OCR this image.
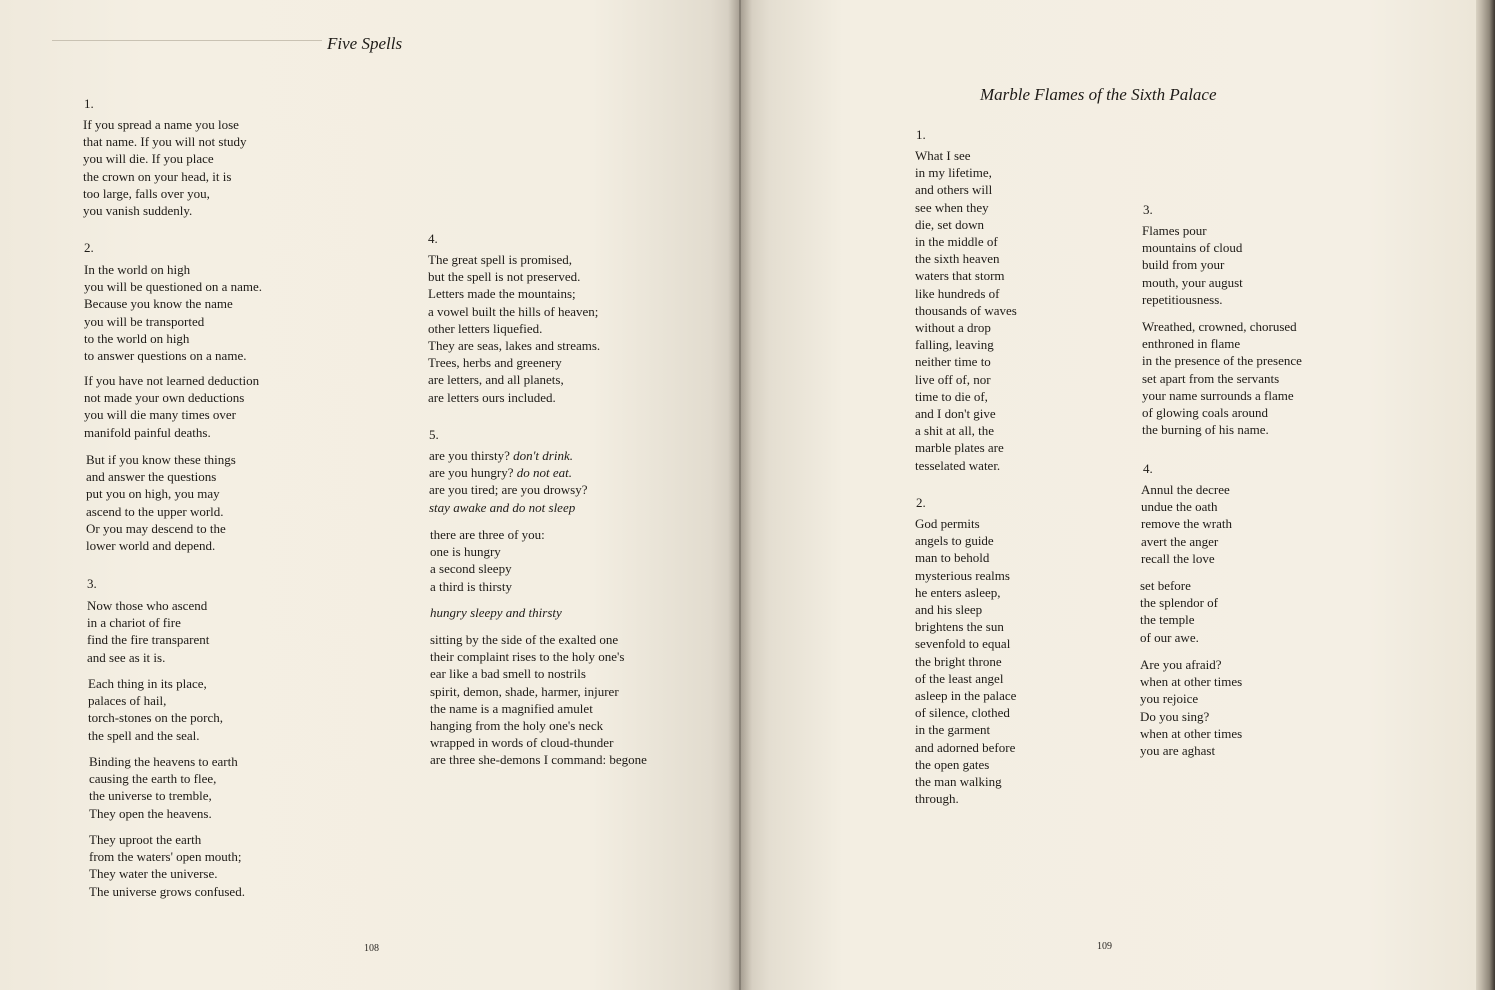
Five Spells

1.

If you spread a name you lose
that name. If you will not study
you will die. If you place
the crown on your head, it is
too large, falls over you,
you vanish suddenly.

2.

In the world on high
you will be questioned on a name.
Because you know the name
you will be transported
to the world on high
to answer questions on a name.

If you have not learned deduction
not made your own deductions
you will die many times over
manifold painful deaths.

But if you know these things
and answer the questions
put you on high, you may
ascend to the upper world.
Or you may descend to the
lower world and depend.

3.

Now those who ascend
in a chariot of fire
find the fire transparent
and see as it is.

Each thing in its place,
palaces of hail,
torch-stones on the porch,
the spell and the seal.

Binding the heavens to earth
causing the earth to flee,
the universe to tremble,
They open the heavens.

They uproot the earth
from the waters' open mouth;
They water the universe.
The universe grows confused.

4.

The great spell is promised,
but the spell is not preserved.
Letters made the mountains;
a vowel built the hills of heaven;
other letters liquefied.
They are seas, lakes and streams.
Trees, herbs and greenery
are letters, and all planets,
are letters ours included.

5.

are you thirsty? don't drink.
are you hungry? do not eat.
are you tired; are you drowsy?
stay awake and do not sleep

there are three of you:
one is hungry
a second sleepy
a third is thirsty

hungry sleepy and thirsty

sitting by the side of the exalted one
their complaint rises to the holy one's
ear like a bad smell to nostrils
spirit, demon, shade, harmer, injurer
the name is a magnified amulet
hanging from the holy one's neck
wrapped in words of cloud-thunder
are three she-demons I command: begone

108	109

Marble Flames of the Sixth Palace

1.

What I see
in my lifetime,
and others will
see when they
die, set down
in the middle of
the sixth heaven
waters that storm
like hundreds of
thousands of waves
without a drop
falling, leaving
neither time to
live off of, nor
time to die of,
and I don't give
a shit at all, the
marble plates are
tesselated water.

2.

God permits
angels to guide
man to behold
mysterious realms
he enters asleep,
and his sleep
brightens the sun
sevenfold to equal
the bright throne
of the least angel
asleep in the palace
of silence, clothed
in the garment
and adorned before
the open gates
the man walking
through.

3.

Flames pour
mountains of cloud
build from your
mouth, your august
repetitiousness.

Wreathed, crowned, chorused
enthroned in flame
in the presence of the presence
set apart from the servants
your name surrounds a flame
of glowing coals around
the burning of his name.

4.

Annul the decree
undue the oath
remove the wrath
avert the anger
recall the love

set before
the splendor of
the temple
of our awe.

Are you afraid?
when at other times
you rejoice
Do you sing?
when at other times
you are aghast
